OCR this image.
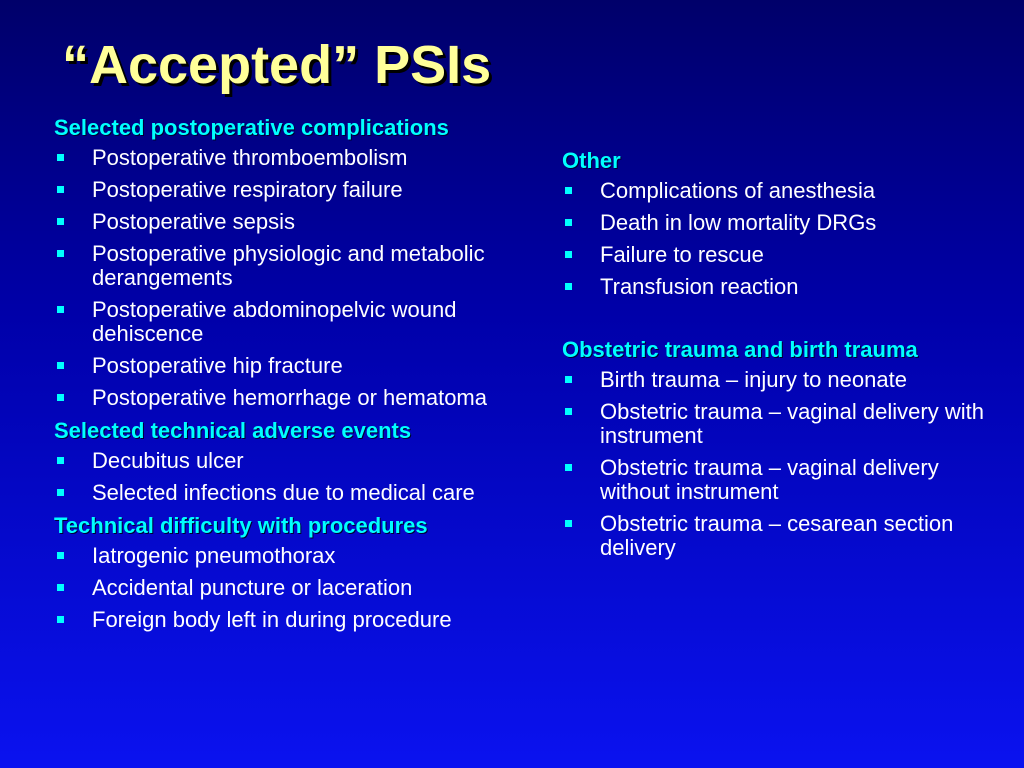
“Accepted” PSIs
Selected postoperative complications
Postoperative thromboembolism
Postoperative respiratory failure
Postoperative sepsis
Postoperative physiologic and metabolic derangements
Postoperative abdominopelvic wound dehiscence
Postoperative hip fracture
Postoperative hemorrhage or hematoma
Selected technical adverse events
Decubitus ulcer
Selected infections due to medical care
Technical difficulty with procedures
Iatrogenic pneumothorax
Accidental puncture or laceration
Foreign body left in during procedure
Other
Complications of anesthesia
Death in low mortality DRGs
Failure to rescue
Transfusion reaction
Obstetric trauma and birth trauma
Birth trauma – injury to neonate
Obstetric trauma – vaginal delivery with instrument
Obstetric trauma – vaginal delivery without instrument
Obstetric trauma – cesarean section delivery
